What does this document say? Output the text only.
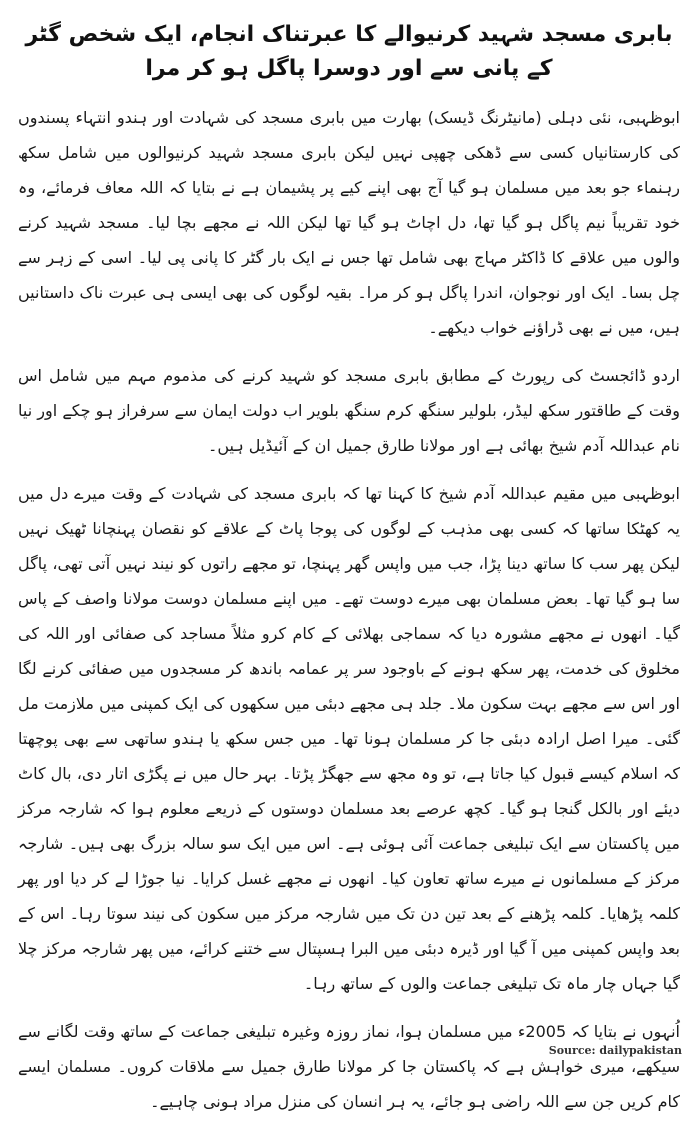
بابری مسجد شہید کرنیوالے کا عبرتناک انجام، ایک شخص گٹر کے پانی سے اور دوسرا پاگل ہو کر مرا

ابوظہبی، نئی دہلی (مانیٹرنگ ڈیسک) بھارت میں بابری مسجد کی شہادت اور ہندو انتہاء پسندوں کی کارستانیاں کسی سے ڈھکی چھپی نہیں لیکن بابری مسجد شہید کرنیوالوں میں شامل سکھ رہنماء جو بعد میں مسلمان ہو گیا آج بھی اپنے کیے پر پشیمان ہے نے بتایا کہ اللہ معاف فرمائے، وہ خود تقریباً نیم پاگل ہو گیا تھا، دل اچاٹ ہو گیا تھا لیکن اللہ نے مجھے بچا لیا۔ مسجد شہید کرنے والوں میں علاقے کا ڈاکٹر مہاج بھی شامل تھا جس نے ایک بار گٹر کا پانی پی لیا۔ اسی کے زہر سے چل بسا۔ ایک اور نوجوان، اندرا پاگل ہو کر مرا۔ بقیہ لوگوں کی بھی ایسی ہی عبرت ناک داستانیں ہیں، میں نے بھی ڈراؤنے خواب دیکھے۔

اردو ڈائجسٹ کی رپورٹ کے مطابق بابری مسجد کو شہید کرنے کی مذموم مہم میں شامل اس وقت کے طاقتور سکھ لیڈر، بلولیر سنگھ کرم سنگھ بلویر اب دولت ایمان سے سرفراز ہو چکے اور نیا نام عبداللہ آدم شیخ بھائی ہے اور مولانا طارق جمیل ان کے آئیڈیل ہیں۔

ابوظہبی میں مقیم عبداللہ آدم شیخ کا کہنا تھا کہ بابری مسجد کی شہادت کے وقت میرے دل میں یہ کھٹکا ساتھا کہ کسی بھی مذہب کے لوگوں کی پوجا پاٹ کے علاقے کو نقصان پہنچانا ٹھیک نہیں لیکن پھر سب کا ساتھ دینا پڑا، جب میں واپس گھر پہنچا، تو مجھے راتوں کو نیند نہیں آتی تھی، پاگل سا ہو گیا تھا۔ بعض مسلمان بھی میرے دوست تھے۔ میں اپنے مسلمان دوست مولانا واصف کے پاس گیا۔ انھوں نے مجھے مشورہ دیا کہ سماجی بھلائی کے کام کرو مثلاً مساجد کی صفائی اور اللہ کی مخلوق کی خدمت، پھر سکھ ہونے کے باوجود سر پر عمامہ باندھ کر مسجدوں میں صفائی کرنے لگا اور اس سے مجھے بہت سکون ملا۔ جلد ہی مجھے دبئی میں سکھوں کی ایک کمپنی میں ملازمت مل گئی۔ میرا اصل ارادہ دبئی جا کر مسلمان ہونا تھا۔ میں جس سکھ یا ہندو ساتھی سے بھی پوچھتا کہ اسلام کیسے قبول کیا جاتا ہے، تو وہ مجھ سے جھگڑ پڑتا۔ بہر حال میں نے پگڑی اتار دی، بال کاٹ دیئے اور بالکل گنجا ہو گیا۔ کچھ عرصے بعد مسلمان دوستوں کے ذریعے معلوم ہوا کہ شارجہ مرکز میں پاکستان سے ایک تبلیغی جماعت آئی ہوئی ہے۔ اس میں ایک سو سالہ بزرگ بھی ہیں۔ شارجہ مرکز کے مسلمانوں نے میرے ساتھ تعاون کیا۔ انھوں نے مجھے غسل کرایا۔ نیا جوڑا لے کر دیا اور پھر کلمہ پڑھایا۔ کلمہ پڑھنے کے بعد تین دن تک میں شارجہ مرکز میں سکون کی نیند سوتا رہا۔ اس کے بعد واپس کمپنی میں آ گیا اور ڈیرہ دبئی میں البرا ہسپتال سے ختنے کرائے، میں پھر شارجہ مرکز چلا گیا جہاں چار ماہ تک تبلیغی جماعت والوں کے ساتھ رہا۔

اُنہوں نے بتایا کہ 2005ء میں مسلمان ہوا، نماز روزہ وغیرہ تبلیغی جماعت کے ساتھ وقت لگانے سے سیکھے، میری خواہش ہے کہ پاکستان جا کر مولانا طارق جمیل سے ملاقات کروں۔ مسلمان ایسے کام کریں جن سے اللہ راضی ہو جائے، یہ ہر انسان کی منزل مراد ہونی چاہیے۔

Source: dailypakistan
